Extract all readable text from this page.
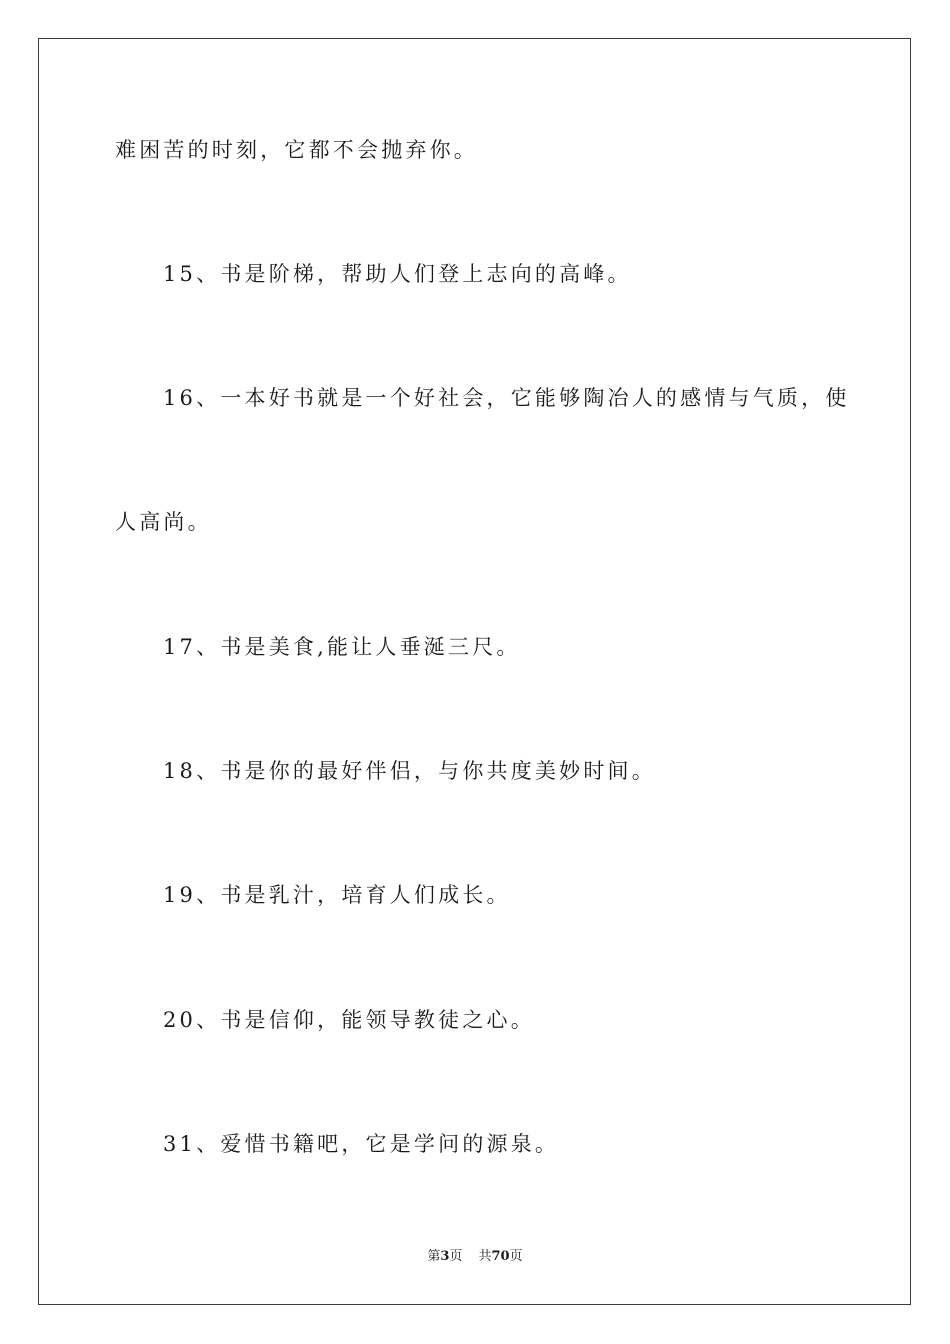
难困苦的时刻，它都不会抛弃你。
15、书是阶梯，帮助人们登上志向的高峰。
16、一本好书就是一个好社会，它能够陶冶人的感情与气质，使
人高尚。
17、书是美食,能让人垂涎三尺。
18、书是你的最好伴侣，与你共度美妙时间。
19、书是乳汁，培育人们成长。
20、书是信仰，能领导教徒之心。
31、爱惜书籍吧，它是学问的源泉。
第3页 共70页
